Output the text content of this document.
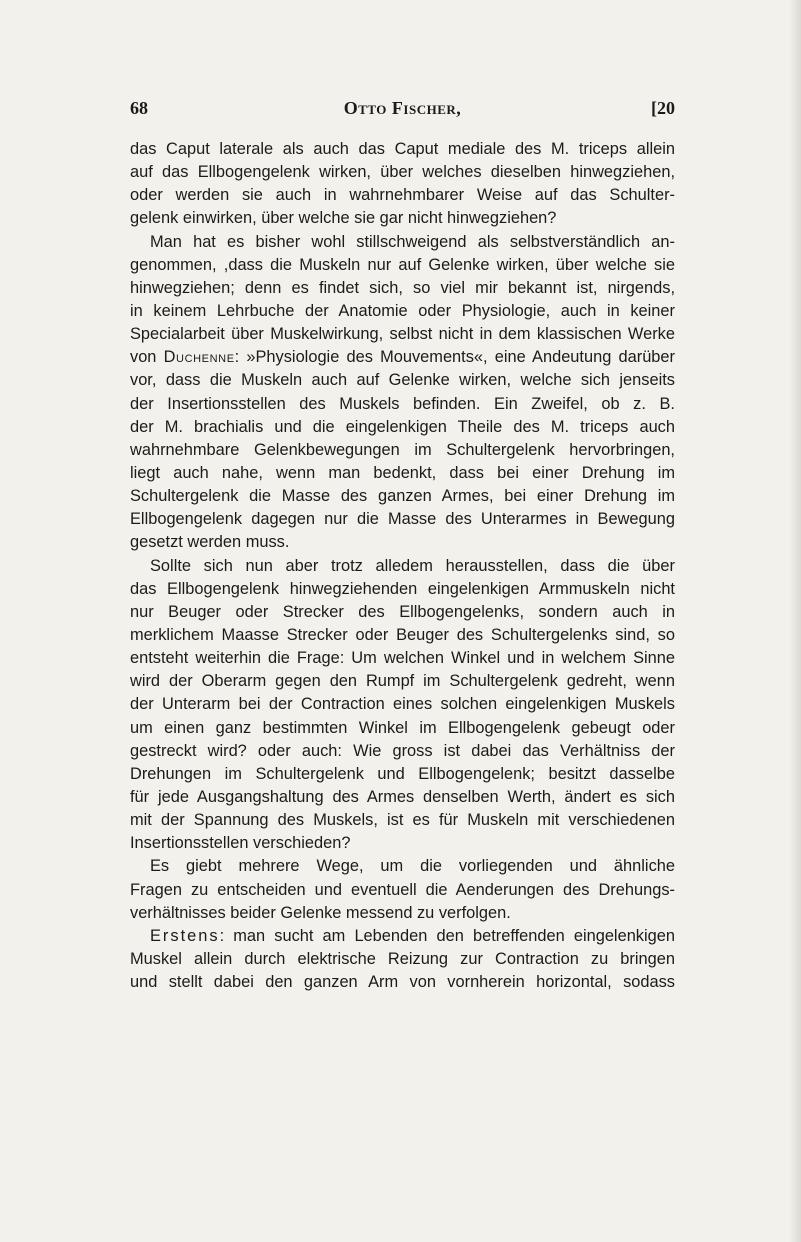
68	Otto Fischer,	[20
das Caput laterale als auch das Caput mediale des M. triceps allein
auf das Ellbogengelenk wirken, über welches dieselben hinwegziehen,
oder werden sie auch in wahrnehmbarer Weise auf das Schulter-
gelenk einwirken, über welche sie gar nicht hinwegziehen?
Man hat es bisher wohl stillschweigend als selbstverständlich an-
genommen, ,dass die Muskeln nur auf Gelenke wirken, über welche sie
hinwegziehen; denn es findet sich, so viel mir bekannt ist, nirgends,
in keinem Lehrbuche der Anatomie oder Physiologie, auch in keiner
Specialarbeit über Muskelwirkung, selbst nicht in dem klassischen Werke
von Duchenne: »Physiologie des Mouvements«, eine Andeutung darüber
vor, dass die Muskeln auch auf Gelenke wirken, welche sich jenseits
der Insertionsstellen des Muskels befinden. Ein Zweifel, ob z. B.
der M. brachialis und die eingelenkigen Theile des M. triceps auch
wahrnehmbare Gelenkbewegungen im Schultergelenk hervorbringen,
liegt auch nahe, wenn man bedenkt, dass bei einer Drehung im
Schultergelenk die Masse des ganzen Armes, bei einer Drehung im
Ellbogengelenk dagegen nur die Masse des Unterarmes in Bewegung
gesetzt werden muss.
Sollte sich nun aber trotz alledem herausstellen, dass die über
das Ellbogengelenk hinwegziehenden eingelenkigen Armmuskeln nicht
nur Beuger oder Strecker des Ellbogengelenks, sondern auch in
merklichem Maasse Strecker oder Beuger des Schultergelenks sind, so
entsteht weiterhin die Frage: Um welchen Winkel und in welchem Sinne
wird der Oberarm gegen den Rumpf im Schultergelenk gedreht, wenn
der Unterarm bei der Contraction eines solchen eingelenkigen Muskels
um einen ganz bestimmten Winkel im Ellbogengelenk gebeugt oder
gestreckt wird? oder auch: Wie gross ist dabei das Verhältniss der
Drehungen im Schultergelenk und Ellbogengelenk; besitzt dasselbe
für jede Ausgangshaltung des Armes denselben Werth, ändert es sich
mit der Spannung des Muskels, ist es für Muskeln mit verschiedenen
Insertionsstellen verschieden?
Es giebt mehrere Wege, um die vorliegenden und ähnliche
Fragen zu entscheiden und eventuell die Aenderungen des Drehungs-
verhältnisses beider Gelenke messend zu verfolgen.
Erstens: man sucht am Lebenden den betreffenden eingelenkigen
Muskel allein durch elektrische Reizung zur Contraction zu bringen
und stellt dabei den ganzen Arm von vornherein horizontal, sodass
